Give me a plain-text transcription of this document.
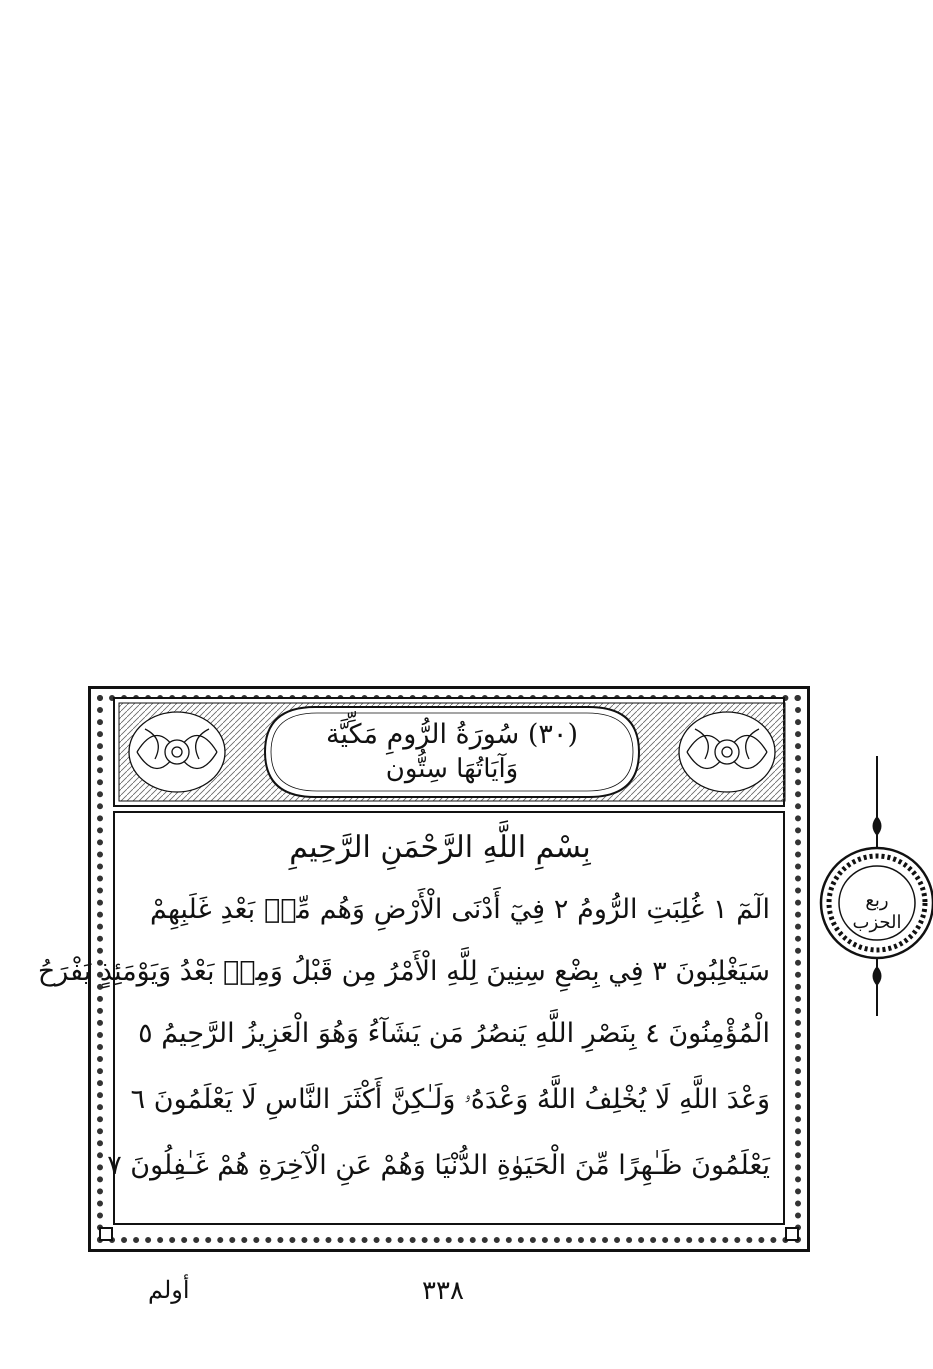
(٣٠) سُورَةُ الرُّومِ مَكِّيَّة
وَآيَاتُهَا سِتُّون
بِسْمِ اللَّهِ الرَّحْمَنِ الرَّحِيمِ
الٓمٓ ١ غُلِبَتِ الرُّومُ ٢ فِيٓ أَدْنَى الْأَرْضِ وَهُم مِّنۢ بَعْدِ غَلَبِهِمْ
سَيَغْلِبُونَ ٣ فِي بِضْعِ سِنِينَ لِلَّهِ الْأَمْرُ مِن قَبْلُ وَمِنۢ بَعْدُ وَيَوْمَئِذٍ يَفْرَحُ
الْمُؤْمِنُونَ ٤ بِنَصْرِ اللَّهِ يَنصُرُ مَن يَشَآءُ وَهُوَ الْعَزِيزُ الرَّحِيمُ ٥
وَعْدَ اللَّهِ لَا يُخْلِفُ اللَّهُ وَعْدَهُۥ وَلَـٰكِنَّ أَكْثَرَ النَّاسِ لَا يَعْلَمُونَ ٦
يَعْلَمُونَ ظَـٰهِرًا مِّنَ الْحَيَوٰةِ الدُّنْيَا وَهُمْ عَنِ الْآخِرَةِ هُمْ غَـٰفِلُونَ ٧
ربع
الحزب
أولم	٣٣٨
